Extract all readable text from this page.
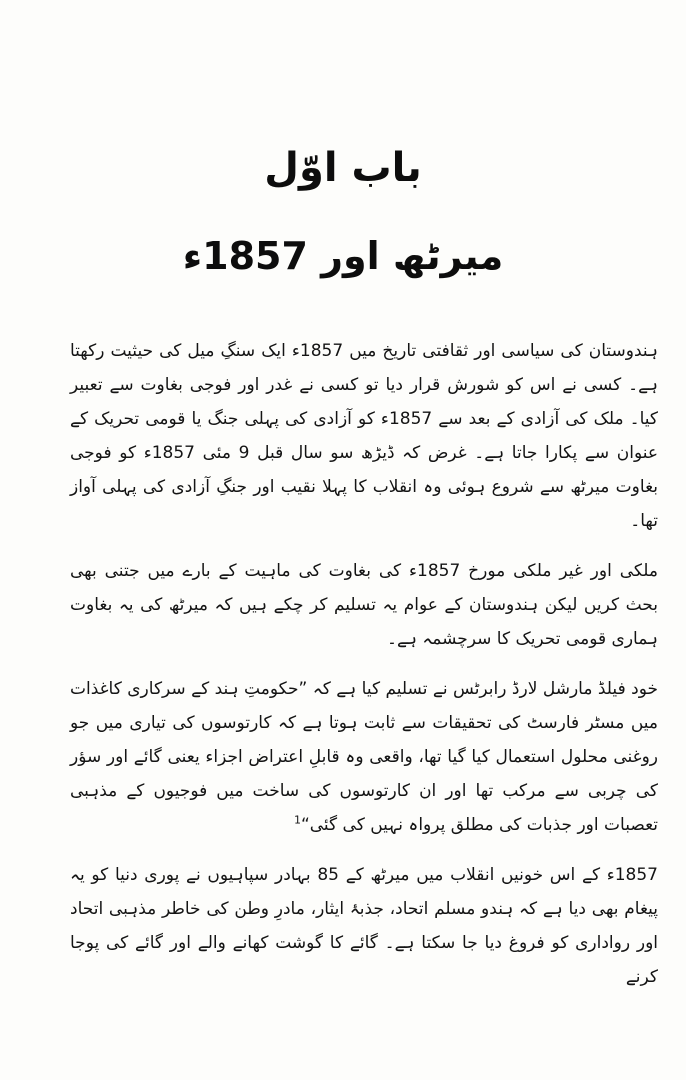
باب اوّل
میرٹھ اور 1857ء

ہندوستان کی سیاسی اور ثقافتی تاریخ میں 1857ء ایک سنگِ میل کی حیثیت رکھتا ہے۔ کسی نے اس کو شورش قرار دیا تو کسی نے غدر اور فوجی بغاوت سے تعبیر کیا۔ ملک کی آزادی کے بعد سے 1857ء کو آزادی کی پہلی جنگ یا قومی تحریک کے عنوان سے پکارا جاتا ہے۔ غرض کہ ڈیڑھ سو سال قبل 9 مئی 1857ء کو فوجی بغاوت میرٹھ سے شروع ہوئی وہ انقلاب کا پہلا نقیب اور جنگِ آزادی کی پہلی آواز تھا۔

ملکی اور غیر ملکی مورخ 1857ء کی بغاوت کی ماہیت کے بارے میں جتنی بھی بحث کریں لیکن ہندوستان کے عوام یہ تسلیم کر چکے ہیں کہ میرٹھ کی یہ بغاوت ہماری قومی تحریک کا سرچشمہ ہے۔

خود فیلڈ مارشل لارڈ رابرٹس نے تسلیم کیا ہے کہ ”حکومتِ ہند کے سرکاری کاغذات میں مسٹر فارسٹ کی تحقیقات سے ثابت ہوتا ہے کہ کارتوسوں کی تیاری میں جو روغنی محلول استعمال کیا گیا تھا، واقعی وہ قابلِ اعتراض اجزاء یعنی گائے اور سؤر کی چربی سے مرکب تھا اور ان کارتوسوں کی ساخت میں فوجیوں کے مذہبی تعصبات اور جذبات کی مطلق پرواہ نہیں کی گئی“$^1$

1857ء کے اس خونیں انقلاب میں میرٹھ کے 85 بہادر سپاہیوں نے پوری دنیا کو یہ پیغام بھی دیا ہے کہ ہندو مسلم اتحاد، جذبۂ ایثار، مادرِ وطن کی خاطر مذہبی اتحاد اور رواداری کو فروغ دیا جا سکتا ہے۔ گائے کا گوشت کھانے والے اور گائے کی پوجا کرنے
